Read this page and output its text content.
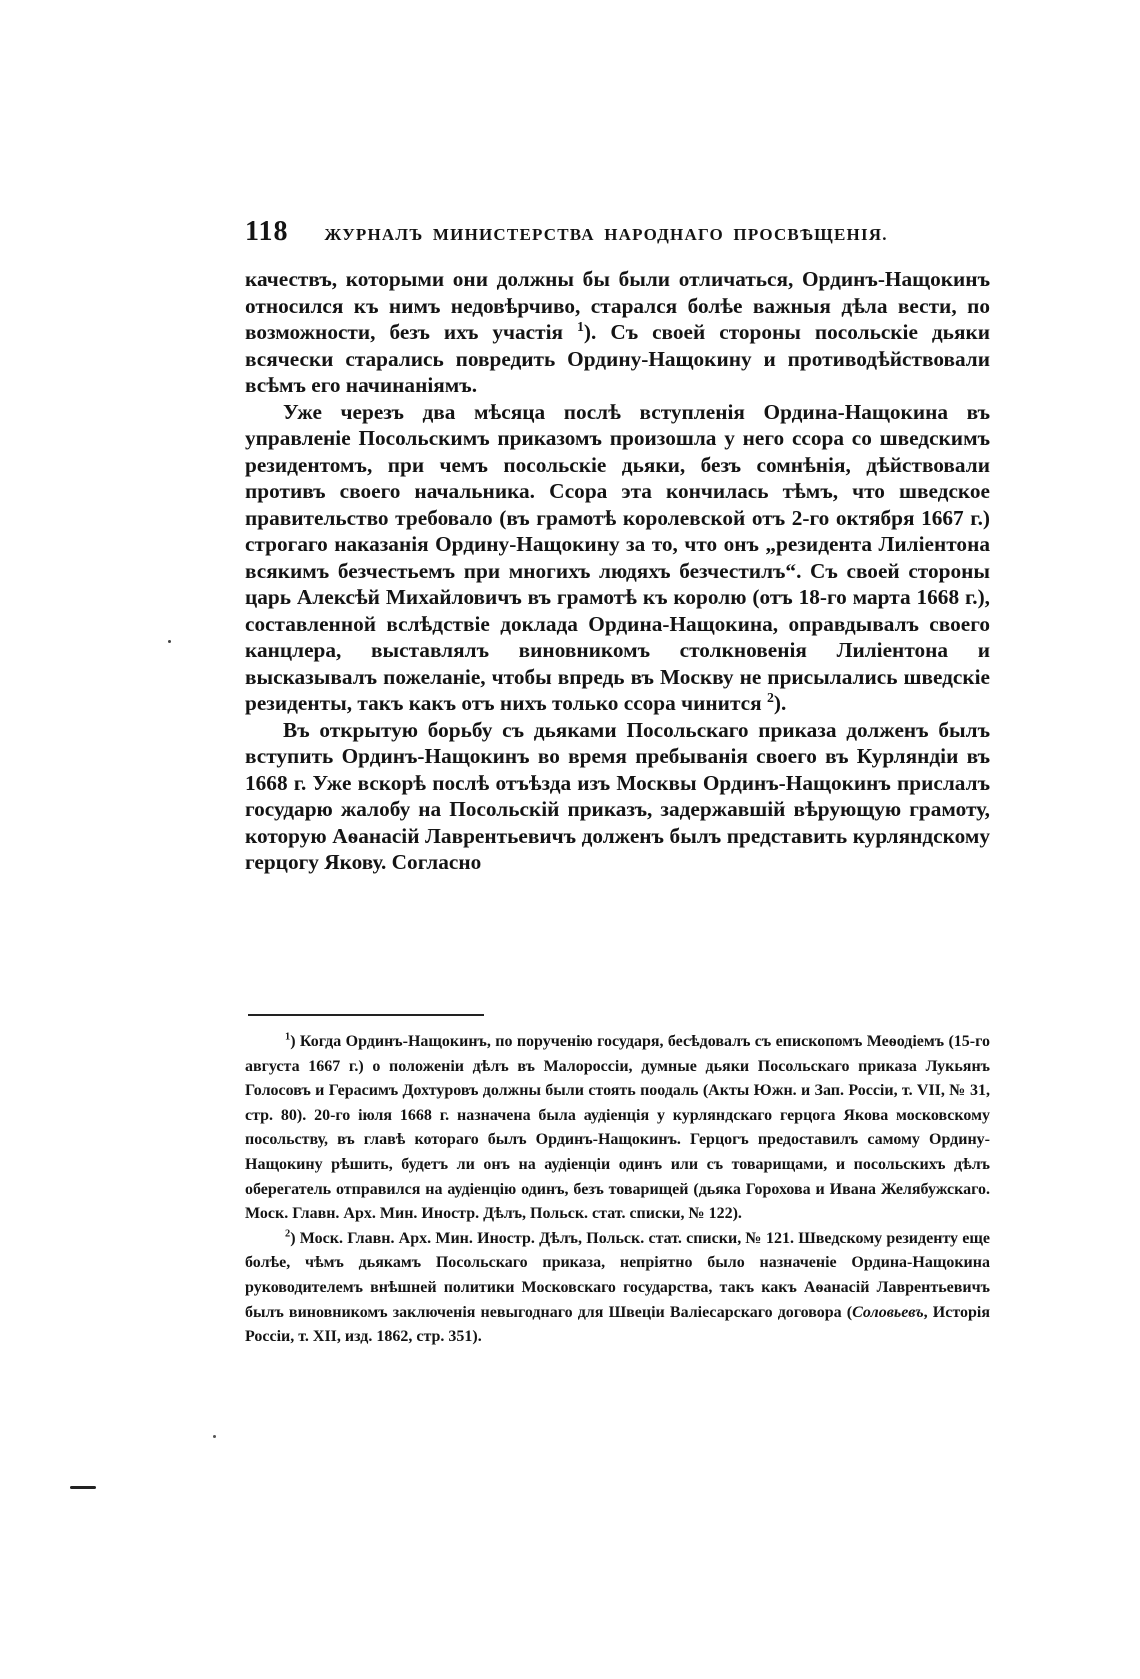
118 ЖУРНАЛЪ МИНИСТЕРСТВА НАРОДНАГО ПРОСВѢЩЕНІЯ.

качествъ, которыми они должны бы были отличаться, Ординъ-Нащокинъ относился къ нимъ недовѣрчиво, старался болѣе важныя дѣла вести, по возможности, безъ ихъ участія $^1$). Съ своей стороны посольскіе дьяки всячески старались повредить Ордину-Нащокину и противодѣйствовали всѣмъ его начинаніямъ.

Уже черезъ два мѣсяца послѣ вступленія Ордина-Нащокина въ управленіе Посольскимъ приказомъ произошла у него ссора со шведскимъ резидентомъ, при чемъ посольскіе дьяки, безъ сомнѣнія, дѣйствовали противъ своего начальника. Ссора эта кончилась тѣмъ, что шведское правительство требовало (въ грамотѣ королевской отъ 2-го октября 1667 г.) строгаго наказанія Ордину-Нащокину за то, что онъ „резидента Лиліентона всякимъ безчестьемъ при многихъ людяхъ безчестилъ“. Съ своей стороны царь Алексѣй Михайловичъ въ грамотѣ къ королю (отъ 18-го марта 1668 г.), составленной вслѣдствіе доклада Ордина-Нащокина, оправдывалъ своего канцлера, выставлялъ виновникомъ столкновенія Лиліентона и высказывалъ пожеланіе, чтобы впредь въ Москву не присылались шведскіе резиденты, такъ какъ отъ нихъ только ссора чинится $^2$).

Въ открытую борьбу съ дьяками Посольскаго приказа долженъ былъ вступить Ординъ-Нащокинъ во время пребыванія своего въ Курляндіи въ 1668 г. Уже вскорѣ послѣ отъѣзда изъ Москвы Ординъ-Нащокинъ прислалъ государю жалобу на Посольскій приказъ, задержавшій вѣрующую грамоту, которую Аѳанасій Лаврентьевичъ долженъ былъ представить курляндскому герцогу Якову. Согласно

$^1$) Когда Ординъ-Нащокинъ, по порученію государя, бесѣдовалъ съ епископомъ Меѳодіемъ (15-го августа 1667 г.) о положеніи дѣлъ въ Малороссіи, думные дьяки Посольскаго приказа Лукьянъ Голосовъ и Герасимъ Дохтуровъ должны были стоять поодаль (Акты Южн. и Зап. Россіи, т. VII, № 31, стр. 80). 20-го іюля 1668 г. назначена была аудіенція у курляндскаго герцога Якова московскому посольству, въ главѣ котораго былъ Ординъ-Нащокинъ. Герцогъ предоставилъ самому Ордину-Нащокину рѣшить, будетъ ли онъ на аудіенціи одинъ или съ товарищами, и посольскихъ дѣлъ оберегатель отправился на аудіенцію одинъ, безъ товарищей (дьяка Горохова и Ивана Желябужскаго. Моск. Главн. Арх. Мин. Иностр. Дѣлъ, Польск. стат. списки, № 122).

$^2$) Моск. Главн. Арх. Мин. Иностр. Дѣлъ, Польск. стат. списки, № 121. Шведскому резиденту еще болѣе, чѣмъ дьякамъ Посольскаго приказа, непріятно было назначеніе Ордина-Нащокина руководителемъ внѣшней политики Московскаго государства, такъ какъ Аѳанасій Лаврентьевичъ былъ виновникомъ заключенія невыгоднаго для Швеціи Валіесарскаго договора (Соловьевъ, Исторія Россіи, т. XII, изд. 1862, стр. 351).
